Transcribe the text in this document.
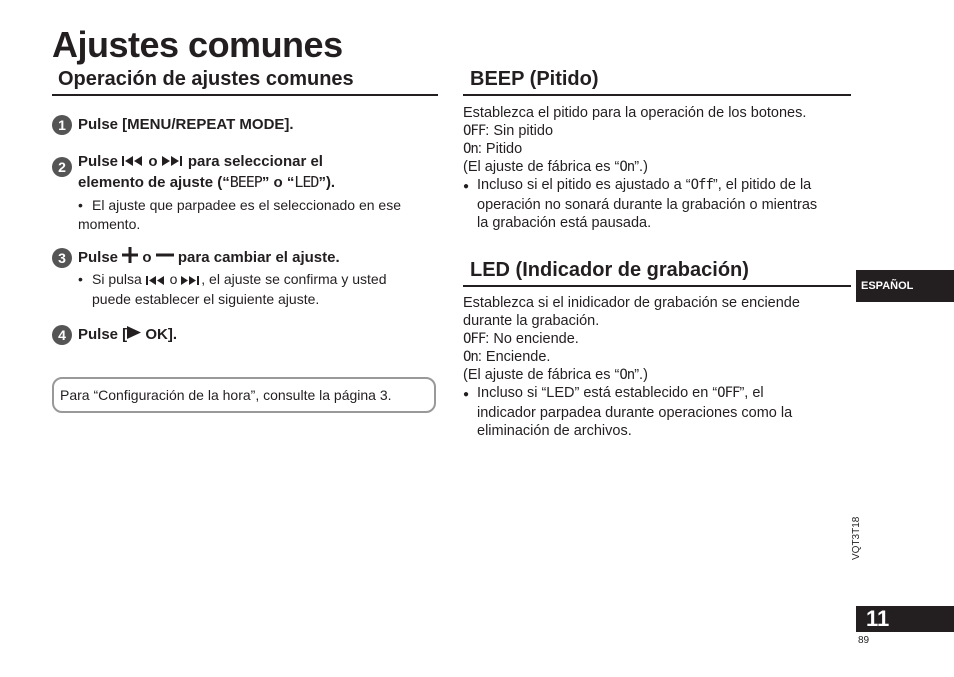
Ajustes comunes
Operación de ajustes comunes
1 Pulse [MENU/REPEAT MODE].
2 Pulse o para seleccionar el
elemento de ajuste (“BEEP” o “LED”).
• El ajuste que parpadee es el seleccionado en ese momento.
3 Pulse o para cambiar el ajuste.
• Si pulsa o , el ajuste se confirma y usted
puede establecer el siguiente ajuste.
4 Pulse [ OK].
Para “Configuración de la hora”, consulte la página 3.
BEEP (Pitido)
Establezca el pitido para la operación de los botones.
OFF: Sin pitido
On: Pitido
(El ajuste de fábrica es “On”.)
● Incluso si el pitido es ajustado a “Off”, el pitido de la
operación no sonará durante la grabación o mientras
la grabación está pausada.
LED (Indicador de grabación)
Establezca si el inidicador de grabación se enciende
durante la grabación.
OFF: No enciende.
On: Enciende.
(El ajuste de fábrica es “On”.)
● Incluso si “LED” está establecido en “OFF”, el
indicador parpadea durante operaciones como la
eliminación de archivos.
ESPAÑOL
VQT3T18
11
89
